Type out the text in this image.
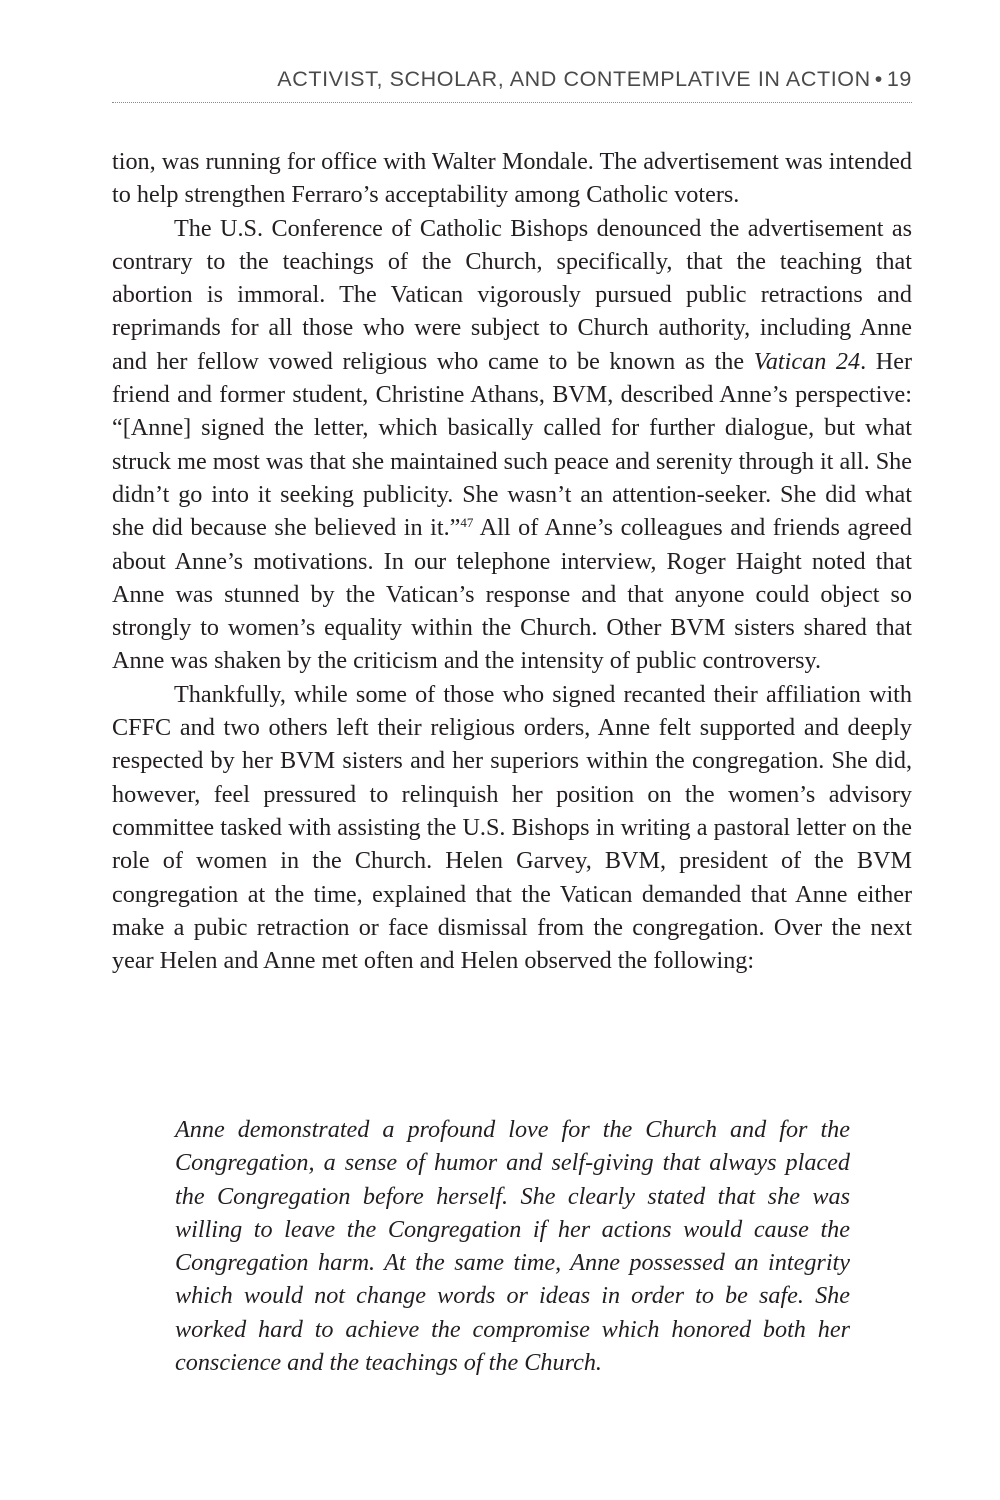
ACTIVIST, SCHOLAR, AND CONTEMPLATIVE IN ACTION • 19

tion, was running for office with Walter Mondale. The advertisement was intended to help strengthen Ferraro’s acceptability among Catholic voters.

The U.S. Conference of Catholic Bishops denounced the advertisement as contrary to the teachings of the Church, specifically, that the teaching that abortion is immoral. The Vatican vigorously pursued public retractions and reprimands for all those who were subject to Church authority, including Anne and her fellow vowed religious who came to be known as the Vatican 24. Her friend and former student, Christine Athans, BVM, described Anne’s perspective: “[Anne] signed the letter, which basically called for further dialogue, but what struck me most was that she maintained such peace and serenity through it all. She didn’t go into it seeking publicity. She wasn’t an attention-seeker. She did what she did because she believed in it.”$^{47}$ All of Anne’s colleagues and friends agreed about Anne’s motivations. In our telephone interview, Roger Haight noted that Anne was stunned by the Vatican’s response and that anyone could object so strongly to women’s equality within the Church. Other BVM sisters shared that Anne was shaken by the criticism and the intensity of public controversy.

Thankfully, while some of those who signed recanted their affiliation with CFFC and two others left their religious orders, Anne felt supported and deeply respected by her BVM sisters and her superiors within the congregation. She did, however, feel pressured to relinquish her position on the women’s advisory committee tasked with assisting the U.S. Bishops in writing a pastoral letter on the role of women in the Church. Helen Garvey, BVM, president of the BVM congregation at the time, explained that the Vatican demanded that Anne either make a pubic retraction or face dismissal from the congregation. Over the next year Helen and Anne met often and Helen observed the following:

Anne demonstrated a profound love for the Church and for the Congregation, a sense of humor and self-giving that always placed the Congregation before herself. She clearly stated that she was willing to leave the Congregation if her actions would cause the Congregation harm. At the same time, Anne possessed an integrity which would not change words or ideas in order to be safe. She worked hard to achieve the compromise which honored both her conscience and the teachings of the Church.
